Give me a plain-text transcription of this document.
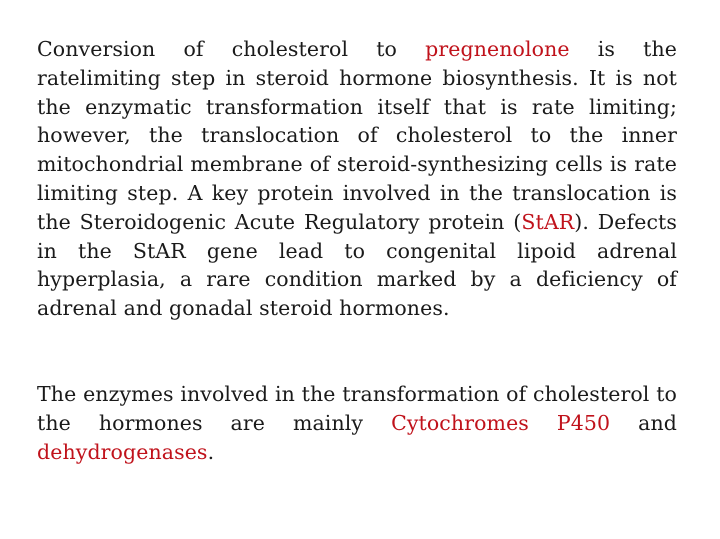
Conversion of cholesterol to pregnenolone is the ratelimiting step in steroid hormone biosynthesis. It is not the enzymatic transformation itself that is rate limiting; however, the translocation of cholesterol to the inner mitochondrial membrane of steroid-synthesizing cells is rate limiting step. A key protein involved in the translocation is the Steroidogenic Acute Regulatory protein (StAR). Defects in the StAR gene lead to congenital lipoid adrenal hyperplasia, a rare condition marked by a deficiency of adrenal and gonadal steroid hormones.

The enzymes involved in the transformation of cholesterol to the hormones are mainly Cytochromes P450 and dehydrogenases.
